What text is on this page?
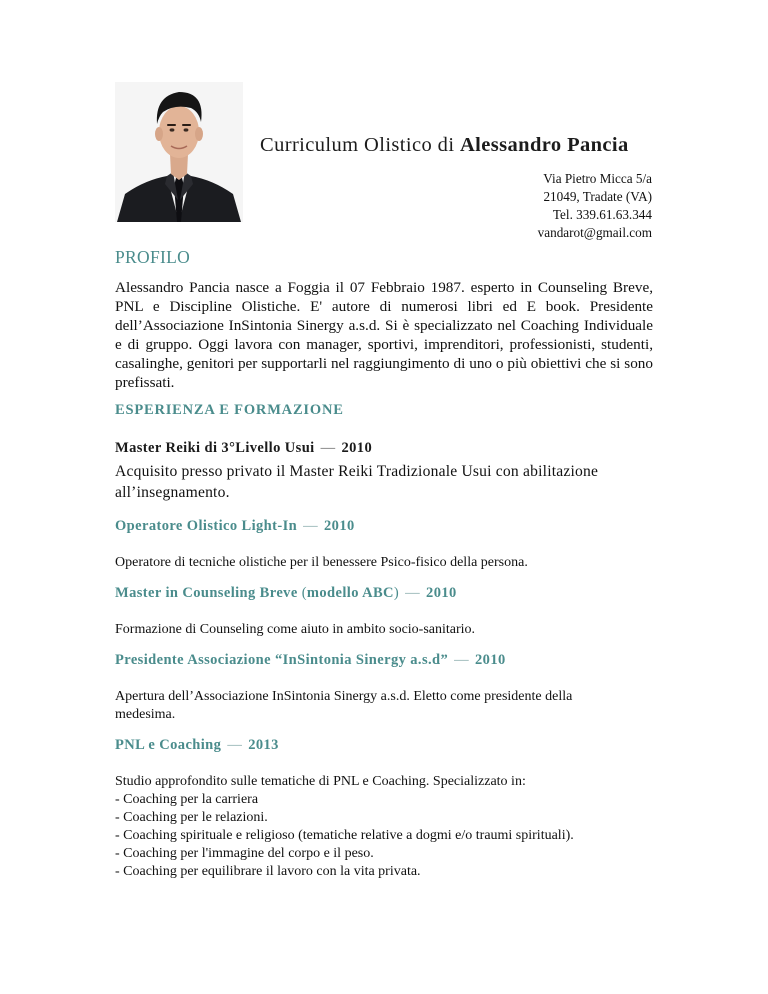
Curriculum Olistico di Alessandro Pancia
Via Pietro Micca 5/a
21049, Tradate (VA)
Tel. 339.61.63.344
vandarot@gmail.com
PROFILO

Alessandro Pancia nasce a Foggia il 07 Febbraio 1987. esperto in Counseling Breve, PNL e Discipline Olistiche. E' autore di numerosi libri ed E book. Presidente dell’Associazione InSintonia Sinergy a.s.d. Si è specializzato nel Coaching Individuale e di gruppo. Oggi lavora con manager, sportivi, imprenditori, professionisti, studenti, casalinghe, genitori per supportarli nel raggiungimento di uno o più obiettivi che si sono prefissati.

ESPERIENZA E FORMAZIONE
Master Reiki di 3°Livello Usui — 2010

Acquisito presso privato il Master Reiki Tradizionale Usui con abilitazione all’insegnamento.

Operatore Olistico Light-In — 2010

Operatore di tecniche olistiche per il benessere Psico-fisico della persona.

Master in Counseling Breve (modello ABC) — 2010

Formazione di Counseling come aiuto in ambito socio-sanitario.

Presidente Associazione “InSintonia Sinergy a.s.d” — 2010

Apertura dell’Associazione InSintonia Sinergy a.s.d. Eletto come presidente della medesima.

PNL e Coaching — 2013
Studio approfondito sulle tematiche di PNL e Coaching. Specializzato in:
- Coaching per la carriera
- Coaching per le relazioni.
- Coaching spirituale e religioso (tematiche relative a dogmi e/o traumi spirituali).
- Coaching per l'immagine del corpo e il peso.
- Coaching per equilibrare il lavoro con la vita privata.
